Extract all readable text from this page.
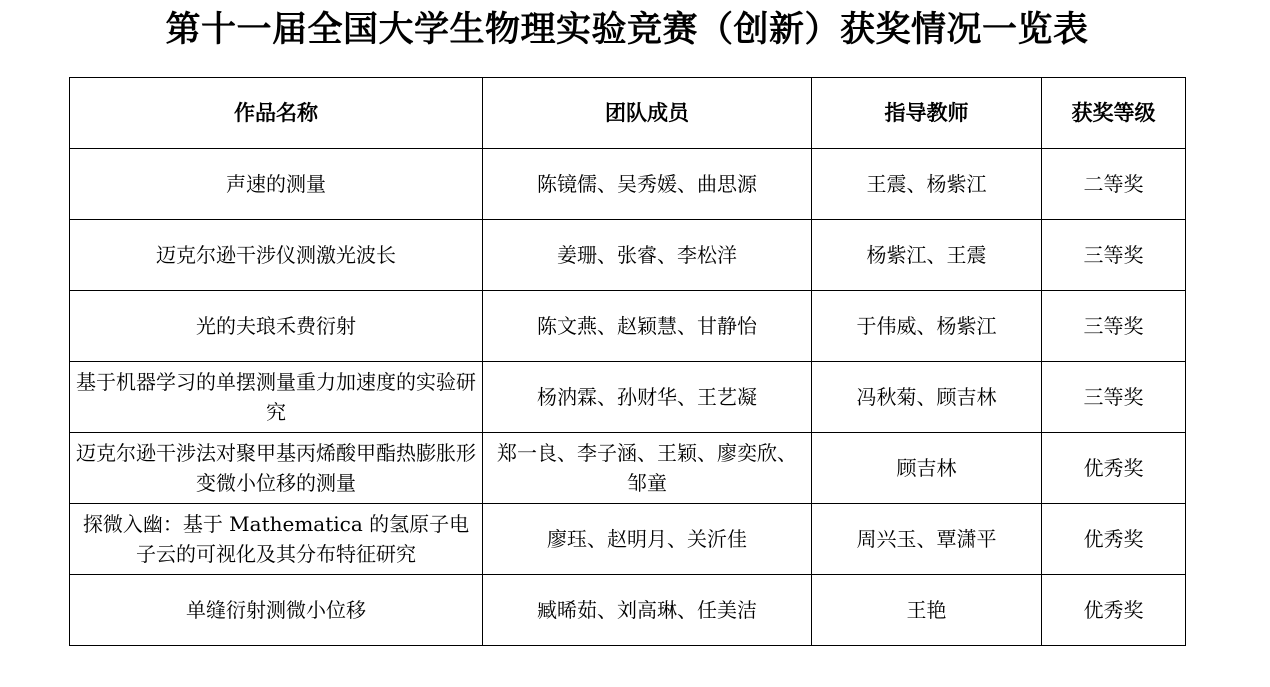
第十一届全国大学生物理实验竞赛（创新）获奖情况一览表
作品名称	团队成员	指导教师	获奖等级
声速的测量	陈镜儒、吴秀媛、曲思源	王震、杨紫江	二等奖
迈克尔逊干涉仪测激光波长	姜珊、张睿、李松洋	杨紫江、王震	三等奖
光的夫琅禾费衍射	陈文燕、赵颖慧、甘静怡	于伟威、杨紫江	三等奖
基于机器学习的单摆测量重力加速度的实验研究	杨汭霖、孙财华、王艺凝	冯秋菊、顾吉林	三等奖
迈克尔逊干涉法对聚甲基丙烯酸甲酯热膨胀形变微小位移的测量	郑一良、李子涵、王颖、廖奕欣、邹童	顾吉林	优秀奖
探微入幽：基于 Mathematica 的氢原子电子云的可视化及其分布特征研究	廖珏、赵明月、关沂佳	周兴玉、覃潇平	优秀奖
单缝衍射测微小位移	臧晞茹、刘高琳、任美洁	王艳	优秀奖
